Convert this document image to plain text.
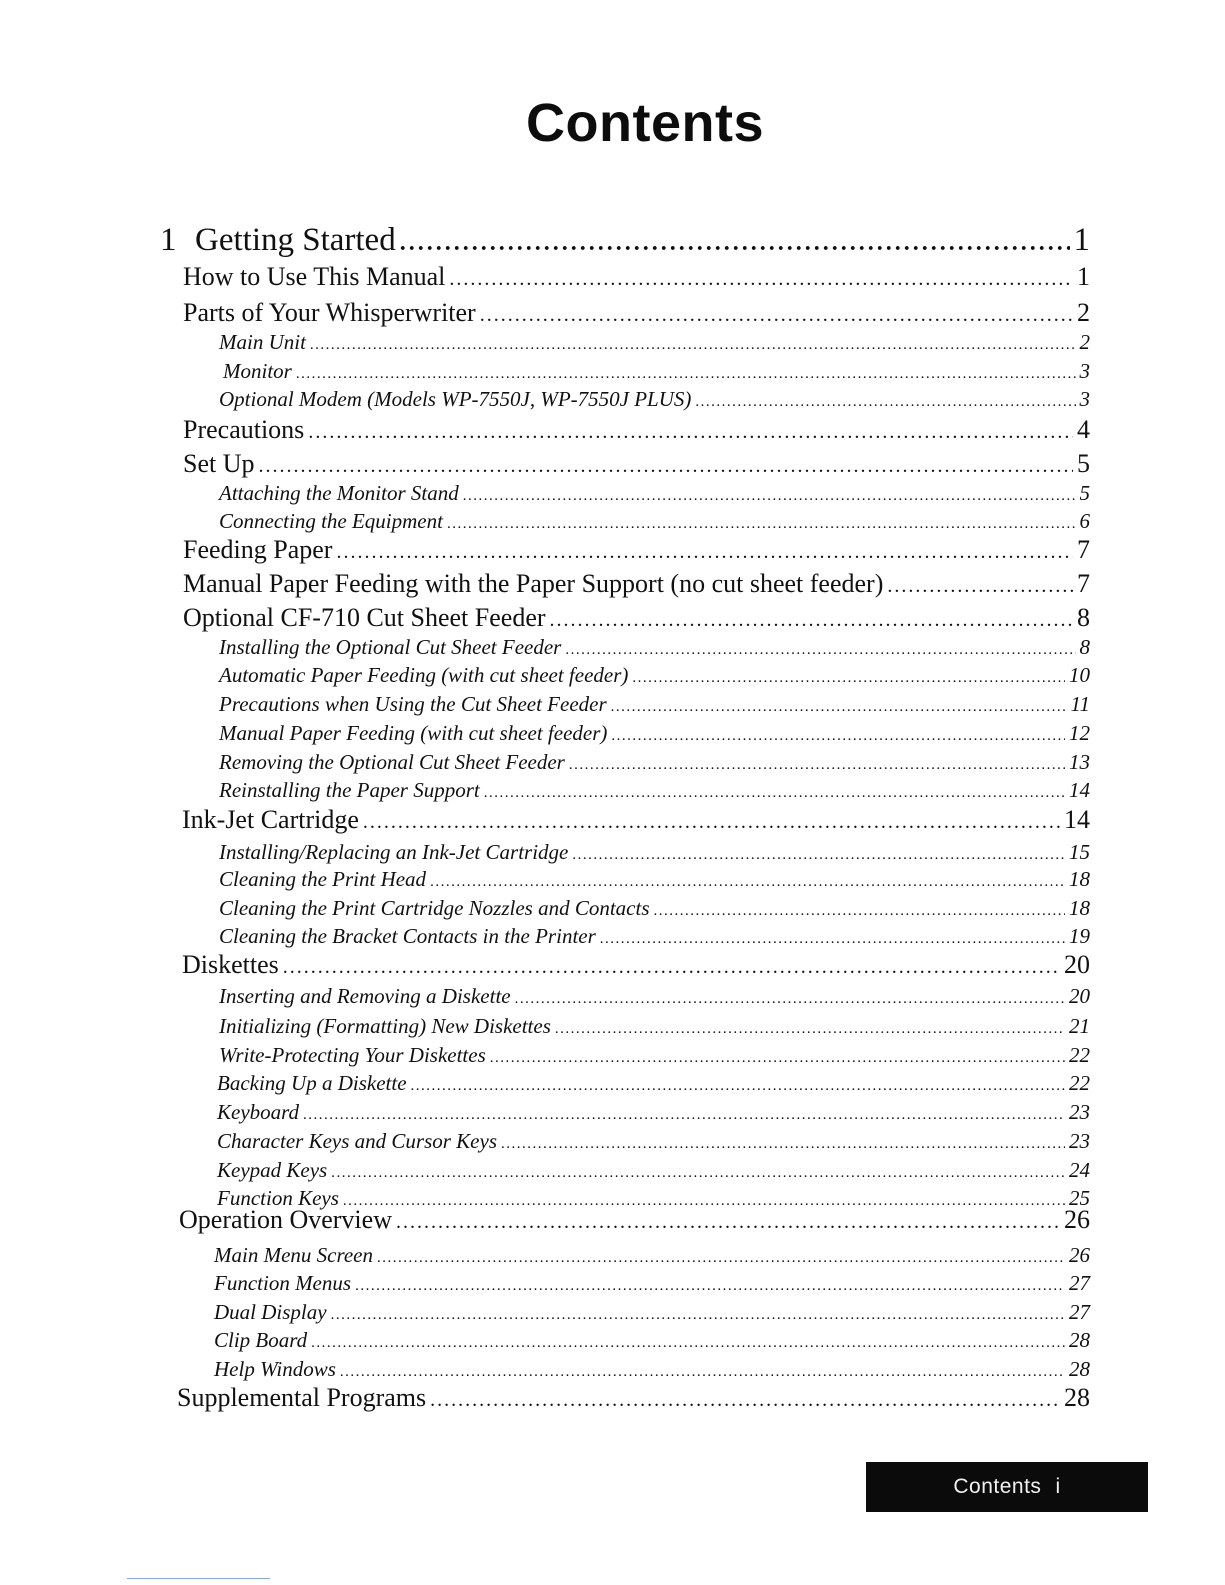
Contents
1 Getting Started .....	1
How to Use This Manual .....	1
Parts of Your Whisperwriter .....	2
Main Unit .....	2
Monitor .....	3
Optional Modem (Models WP-7550J, WP-7550J PLUS) .....	3
Precautions .....	4
Set Up .....	5
Attaching the Monitor Stand .....	5
Connecting the Equipment .....	6
Feeding Paper .....	7
Manual Paper Feeding with the Paper Support (no cut sheet feeder) .....	7
Optional CF-710 Cut Sheet Feeder .....	8
Installing the Optional Cut Sheet Feeder .....	8
Automatic Paper Feeding (with cut sheet feeder) .....	10
Precautions when Using the Cut Sheet Feeder .....	11
Manual Paper Feeding (with cut sheet feeder) .....	12
Removing the Optional Cut Sheet Feeder .....	13
Reinstalling the Paper Support .....	14
Ink-Jet Cartridge .....	14
Installing/Replacing an Ink-Jet Cartridge .....	15
Cleaning the Print Head .....	18
Cleaning the Print Cartridge Nozzles and Contacts .....	18
Cleaning the Bracket Contacts in the Printer .....	19
Diskettes .....	20
Inserting and Removing a Diskette .....	20
Initializing (Formatting) New Diskettes .....	21
Write-Protecting Your Diskettes .....	22
Backing Up a Diskette .....	22
Keyboard .....	23
Character Keys and Cursor Keys .....	23
Keypad Keys .....	24
Function Keys .....	25
Operation Overview .....	26
Main Menu Screen .....	26
Function Menus .....	27
Dual Display .....	27
Clip Board .....	28
Help Windows .....	28
Supplemental Programs .....	28
Contents i
